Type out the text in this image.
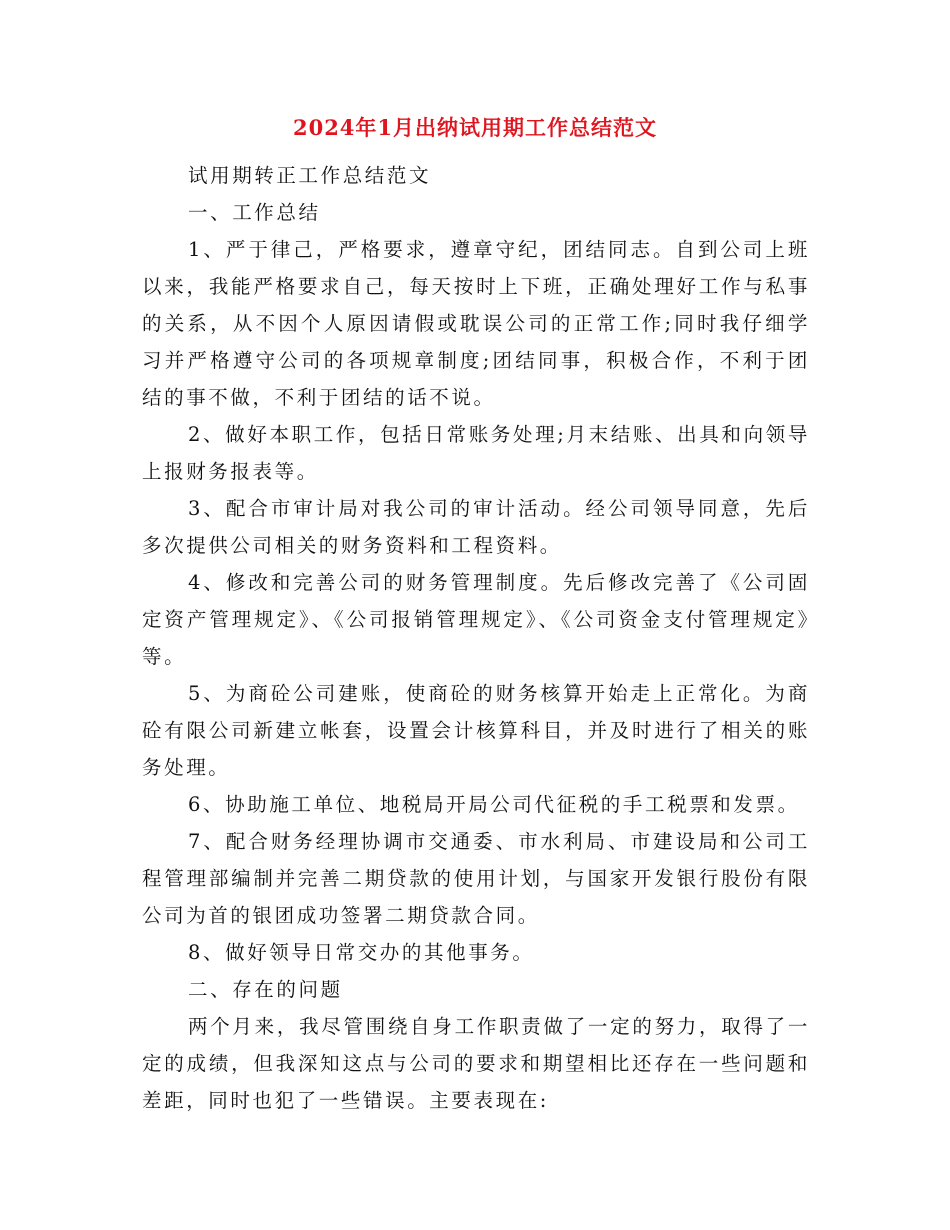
2024年1月出纳试用期工作总结范文

试用期转正工作总结范文

一、工作总结

1、严于律己，严格要求，遵章守纪，团结同志。自到公司上班以来，我能严格要求自己，每天按时上下班，正确处理好工作与私事的关系，从不因个人原因请假或耽误公司的正常工作;同时我仔细学习并严格遵守公司的各项规章制度;团结同事，积极合作，不利于团结的事不做，不利于团结的话不说。

2、做好本职工作，包括日常账务处理;月末结账、出具和向领导上报财务报表等。

3、配合市审计局对我公司的审计活动。经公司领导同意，先后多次提供公司相关的财务资料和工程资料。

4、修改和完善公司的财务管理制度。先后修改完善了《公司固定资产管理规定》、《公司报销管理规定》、《公司资金支付管理规定》等。

5、为商砼公司建账，使商砼的财务核算开始走上正常化。为商砼有限公司新建立帐套，设置会计核算科目，并及时进行了相关的账务处理。

6、协助施工单位、地税局开局公司代征税的手工税票和发票。

7、配合财务经理协调市交通委、市水利局、市建设局和公司工程管理部编制并完善二期贷款的使用计划，与国家开发银行股份有限公司为首的银团成功签署二期贷款合同。

8、做好领导日常交办的其他事务。

二、存在的问题

两个月来，我尽管围绕自身工作职责做了一定的努力，取得了一定的成绩，但我深知这点与公司的要求和期望相比还存在一些问题和差距，同时也犯了一些错误。主要表现在:
